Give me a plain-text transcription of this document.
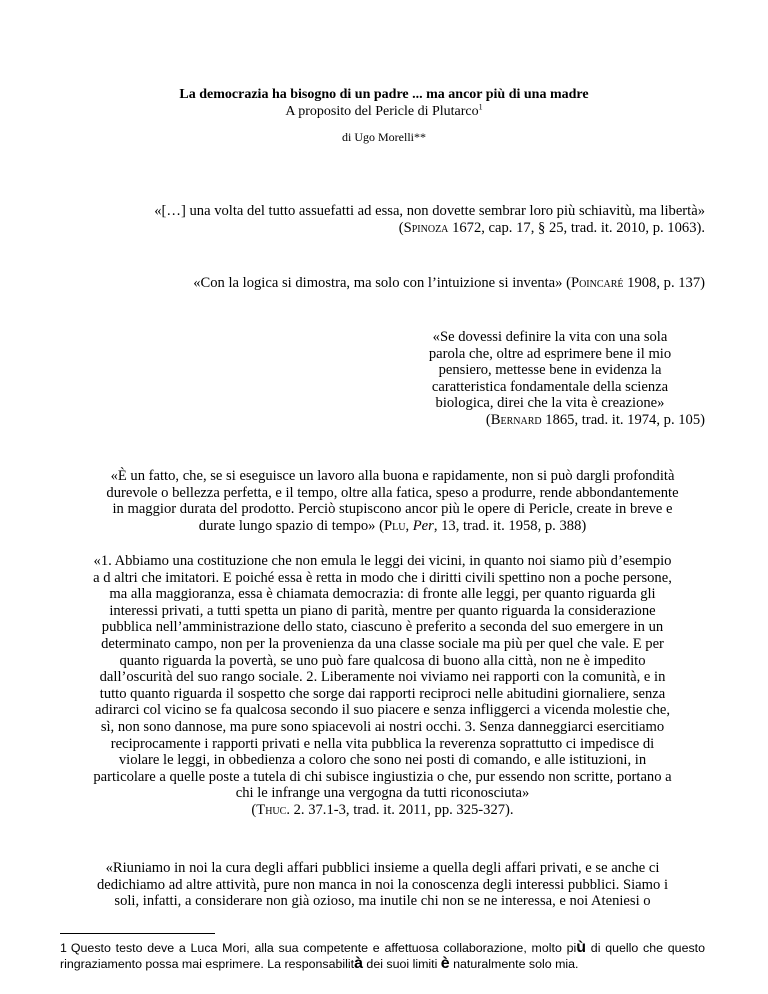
La democrazia ha bisogno di un padre ... ma ancor più di una madre
A proposito del Pericle di Plutarco$^1$
di Ugo Morelli**
«[…] una volta del tutto assuefatti ad essa, non dovette sembrar loro più schiavitù, ma libertà»
(Spinoza 1672, cap. 17, § 25, trad. it. 2010, p. 1063).
«Con la logica si dimostra, ma solo con l’intuizione si inventa» (Poincaré 1908, p. 137)
«Se dovessi definire la vita con una sola
parola che, oltre ad esprimere bene il mio
pensiero, mettesse bene in evidenza la
caratteristica fondamentale della scienza
biologica, direi che la vita è creazione»
(Bernard 1865, trad. it. 1974, p. 105)
«È un fatto, che, se si eseguisce un lavoro alla buona e rapidamente, non si può dargli profondità
durevole o bellezza perfetta, e il tempo, oltre alla fatica, speso a produrre, rende abbondantemente
in maggior durata del prodotto. Perciò stupiscono ancor più le opere di Pericle, create in breve e
durate lungo spazio di tempo» (Plu, Per, 13, trad. it. 1958, p. 388)
«1. Abbiamo una costituzione che non emula le leggi dei vicini, in quanto noi siamo più d’esempio
a d altri che imitatori. E poiché essa è retta in modo che i diritti civili spettino non a poche persone,
ma alla maggioranza, essa è chiamata democrazia: di fronte alle leggi, per quanto riguarda gli
interessi privati, a tutti spetta un piano di parità, mentre per quanto riguarda la considerazione
pubblica nell’amministrazione dello stato, ciascuno è preferito a seconda del suo emergere in un
determinato campo, non per la provenienza da una classe sociale ma più per quel che vale. E per
quanto riguarda la povertà, se uno può fare qualcosa di buono alla città, non ne è impedito
dall’oscurità del suo rango sociale. 2. Liberamente noi viviamo nei rapporti con la comunità, e in
tutto quanto riguarda il sospetto che sorge dai rapporti reciproci nelle abitudini giornaliere, senza
adirarci col vicino se fa qualcosa secondo il suo piacere e senza infliggerci a vicenda molestie che,
sì, non sono dannose, ma pure sono spiacevoli ai nostri occhi. 3. Senza danneggiarci esercitiamo
reciprocamente i rapporti privati e nella vita pubblica la reverenza soprattutto ci impedisce di
violare le leggi, in obbedienza a coloro che sono nei posti di comando, e alle istituzioni, in
particolare a quelle poste a tutela di chi subisce ingiustizia o che, pur essendo non scritte, portano a
chi le infrange una vergogna da tutti riconosciuta»
(Thuc. 2. 37.1-3, trad. it. 2011, pp. 325-327).
«Riuniamo in noi la cura degli affari pubblici insieme a quella degli affari privati, e se anche ci
dedichiamo ad altre attività, pure non manca in noi la conoscenza degli interessi pubblici. Siamo i
soli, infatti, a considerare non già ozioso, ma inutile chi non se ne interessa, e noi Ateniesi o
1 Questo testo deve a Luca Mori, alla sua competente e affettuosa collaborazione, molto più di quello che questo ringraziamento possa mai esprimere. La responsabilità dei suoi limiti è naturalmente solo mia.
